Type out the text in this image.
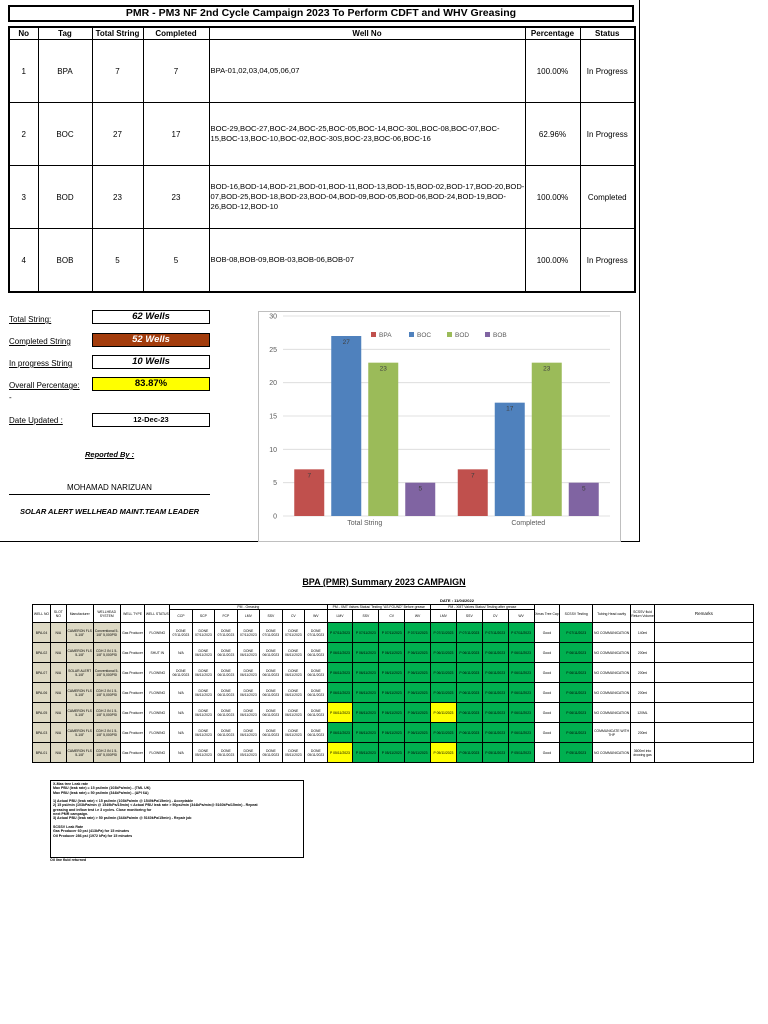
PMR - PM3 NF 2nd Cycle Campaign 2023 To Perform CDFT and WHV Greasing
No	Tag	Total String	Completed	Well No	Percentage	Status
1	BPA	7	7	BPA-01,02,03,04,05,06,07	100.00%	In Progress
2	BOC	27	17	BOC-29,BOC-27,BOC-24,BOC-25,BOC-05,BOC-14,BOC-30L,BOC-08,BOC-07,BOC-15,BOC-13,BOC-10,BOC-02,BOC-30S,BOC-23,BOC-06,BOC-16	62.96%	In Progress
3	BOD	23	23	BOD-16,BOD-14,BOD-21,BOD-01,BOD-11,BOD-13,BOD-15,BOD-02,BOD-17,BOD-20,BOD-07,BOD-25,BOD-18,BOD-23,BOD-04,BOD-09,BOD-05,BOD-06,BOD-24,BOD-19,BOD-26,BOD-12,BOD-10	100.00%	Completed
4	BOB	5	5	BOB-08,BOB-09,BOB-03,BOB-06,BOB-07	100.00%	In Progress
Total String:	62 Wells
Completed String	52 Wells
In progress String	10 Wells
Overall Percentage:	83.87%
-
Date Updated :	12-Dec-23
Reported By :
MOHAMAD NARIZUAN
SOLAR ALERT WELLHEAD MAINT.TEAM LEADER
0
5
10
15
20
25
30
7
27
23
5
Total String
7
17
23
5
Completed
BPA	BOC	BOD	BOB
BPA (PMR) Summary 2023 CAMPAIGN
DATE : 11/04/2022
WELL NO	SLOT NO	Manufacturer	WELLHEAD SYSTEM	WELL TYPE	WELL STATUS	PM - Greasing							PM - XMT Valves Status/ Testing "AS FOUND" Before grease				PM - XMT Valves Status/ Testing after grease				Xmas Tree Cap	SCSSV Testing	Tubing Head cavity	SCSSV fluid Return Volume	Remarks
						CCP	SCP	FCP	LMV	SSV	CV	WV	LMV	SSV	CV	WV	LMV	SSV	CV	WV					
BPA-04	N/A	CAMERON FLS 5-1/8"	Conventional 5-1/8" 5,000PSI	Gas Producer	FLOWING	DONE 07/11/2023	DONE 07/11/2023	DONE 07/11/2023	DONE 07/11/2023	DONE 07/11/2023	DONE 07/11/2023	DONE 07/11/2023	P 07/11/2023	P 07/11/2023	P 07/11/2023	P 07/11/2023	P 07/11/2023	P 07/11/2023	P 07/11/2023	P 07/11/2023	Good	P 07/11/2023	NO COMMUNICATION	140ml	
BPA-02	N/A	CAMERON FLS 5-1/8"	CDH 2 IN 1 5-1/8" 5,000PSI	Gas Producer	SHUT IN	N/A	DONE 06/11/2023	DONE 06/11/2023	DONE 06/11/2023	DONE 06/11/2023	DONE 06/11/2023	DONE 06/11/2023	P 06/11/2023	P 06/11/2023	P 06/11/2023	P 06/11/2023	P 06/11/2023	P 06/11/2023	P 06/11/2023	P 06/11/2023	Good	P 06/11/2023	NO COMMUNICATION	200ml	
BPA-07	N/A	SOLAR ALERT 5-1/8"	Conventional 5-1/8" 5,000PSI	Gas Producer	FLOWING	DONE 06/11/2023	DONE 06/11/2023	DONE 06/11/2023	DONE 06/11/2023	DONE 06/11/2023	DONE 06/11/2023	DONE 06/11/2023	P 06/11/2023	P 06/11/2023	P 06/11/2023	P 06/11/2023	P 06/11/2023	P 06/11/2023	P 06/11/2023	P 06/11/2023	Good	P 06/11/2023	NO COMMUNICATION	200ml	
BPA-06	N/A	CAMERON FLS 5-1/8"	CDH 2 IN 1 5-1/8" 5,000PSI	Gas Producer	FLOWING	N/A	DONE 06/11/2023	DONE 06/11/2023	DONE 06/11/2023	DONE 06/11/2023	DONE 06/11/2023	DONE 06/11/2023	P 06/11/2023	P 06/11/2023	P 06/11/2023	P 06/11/2023	P 06/11/2023	P 06/11/2023	P 06/11/2023	P 06/11/2023	Good	P 06/11/2023	NO COMMUNICATION	200ml	
BPA-05	N/A	CAMERON FLS 5-1/8"	CDH 2 IN 1 5-1/8" 5,000PSI	Gas Producer	FLOWING	N/A	DONE 06/11/2023	DONE 06/11/2023	DONE 06/11/2023	DONE 06/11/2023	DONE 06/11/2023	DONE 06/11/2023	P 06/11/2023	P 06/11/2023	P 06/11/2023	P 06/11/2023	P 06/11/2023	P 06/11/2023	P 06/11/2023	P 06/11/2023	Good	P 06/11/2023	NO COMMUNICATION	120ML	
BPA-03	N/A	CAMERON FLS 5-1/8"	CDH 2 IN 1 5-1/8" 5,000PSI	Gas Producer	FLOWING	N/A	DONE 06/11/2023	DONE 06/11/2023	DONE 06/11/2023	DONE 06/11/2023	DONE 06/11/2023	DONE 06/11/2023	P 06/11/2023	P 06/11/2023	P 06/11/2023	P 06/11/2023	P 06/11/2023	P 06/11/2023	P 06/11/2023	P 06/11/2023	Good	P 06/11/2023	COMMUNICATE WITH THP	200ml	
BPA-01	N/A	CAMERON FLS 5-1/8"	CDH 2 IN 1 5-1/8" 5,000PSI	Gas Producer	FLOWING	N/A	DONE 05/11/2023	DONE 05/11/2023	DONE 05/11/2023	DONE 05/11/2023	DONE 05/11/2023	DONE 05/11/2023	P 05/11/2023	P 05/11/2023	P 05/11/2023	P 05/11/2023	P 05/11/2023	P 05/11/2023	P 05/11/2023	P 05/11/2023	Good	P 05/11/2023	NO COMMUNICATION	3600ml into drowing gas	
X-Mas tree Leak rate
Max PBU (leak rate) = 15 psi/min (103kPa/min) - (TML UK)
Max PBU (leak rate) = 50 psi/min (344kPa/min) - (API 6A)

1) Actual PBU (leak rate) < 15 psi/min (103kPa/min @ 1549kPa/15min) - Acceptable
2) 15 psi/min (103kPa/min @ 1549kPa/15min) < Actual PBU leak rate > 50psi/min (344kPa/min@ 5160kPa/15min) - Repeat
greasing and inflow test i.e 3 cycles. Close monitoring for
next PMR campaign.
3) Actual PBU (leak rate) > 50 psi/min (344kPa/min @ 5160kPa/15min) - Repair job

SCSSV Leak Rate
Gas Producer 60 psi (413kPa) for 15 minutes
Oil Producer 286 psi (1972 kPa) for 15 minutes
Oil line fluid returned
